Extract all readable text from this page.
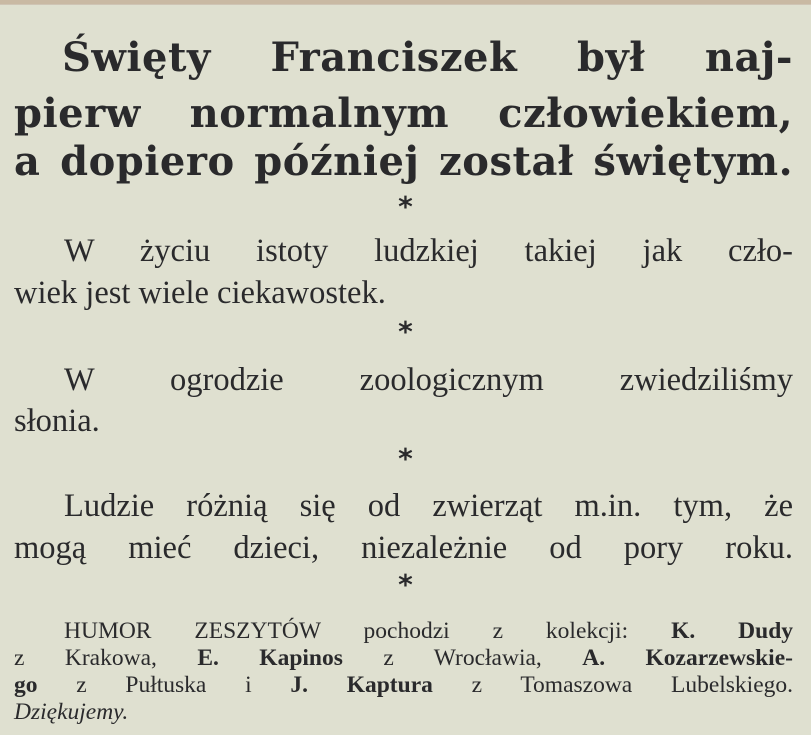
Święty Franciszek był naj-
pierw normalnym człowiekiem,
a dopiero później został świętym.
*
W życiu istoty ludzkiej takiej jak czło-
wiek jest wiele ciekawostek.
*
W ogrodzie zoologicznym zwiedziliśmy
słonia.
*
Ludzie różnią się od zwierząt m.in. tym, że
mogą mieć dzieci, niezależnie od pory roku.
*
HUMOR ZESZYTÓW pochodzi z kolekcji: K. Dudy
z Krakowa, E. Kapinos z Wrocławia, A. Kozarzewskie-
go z Pułtuska i J. Kaptura z Tomaszowa Lubelskiego.
Dziękujemy.
